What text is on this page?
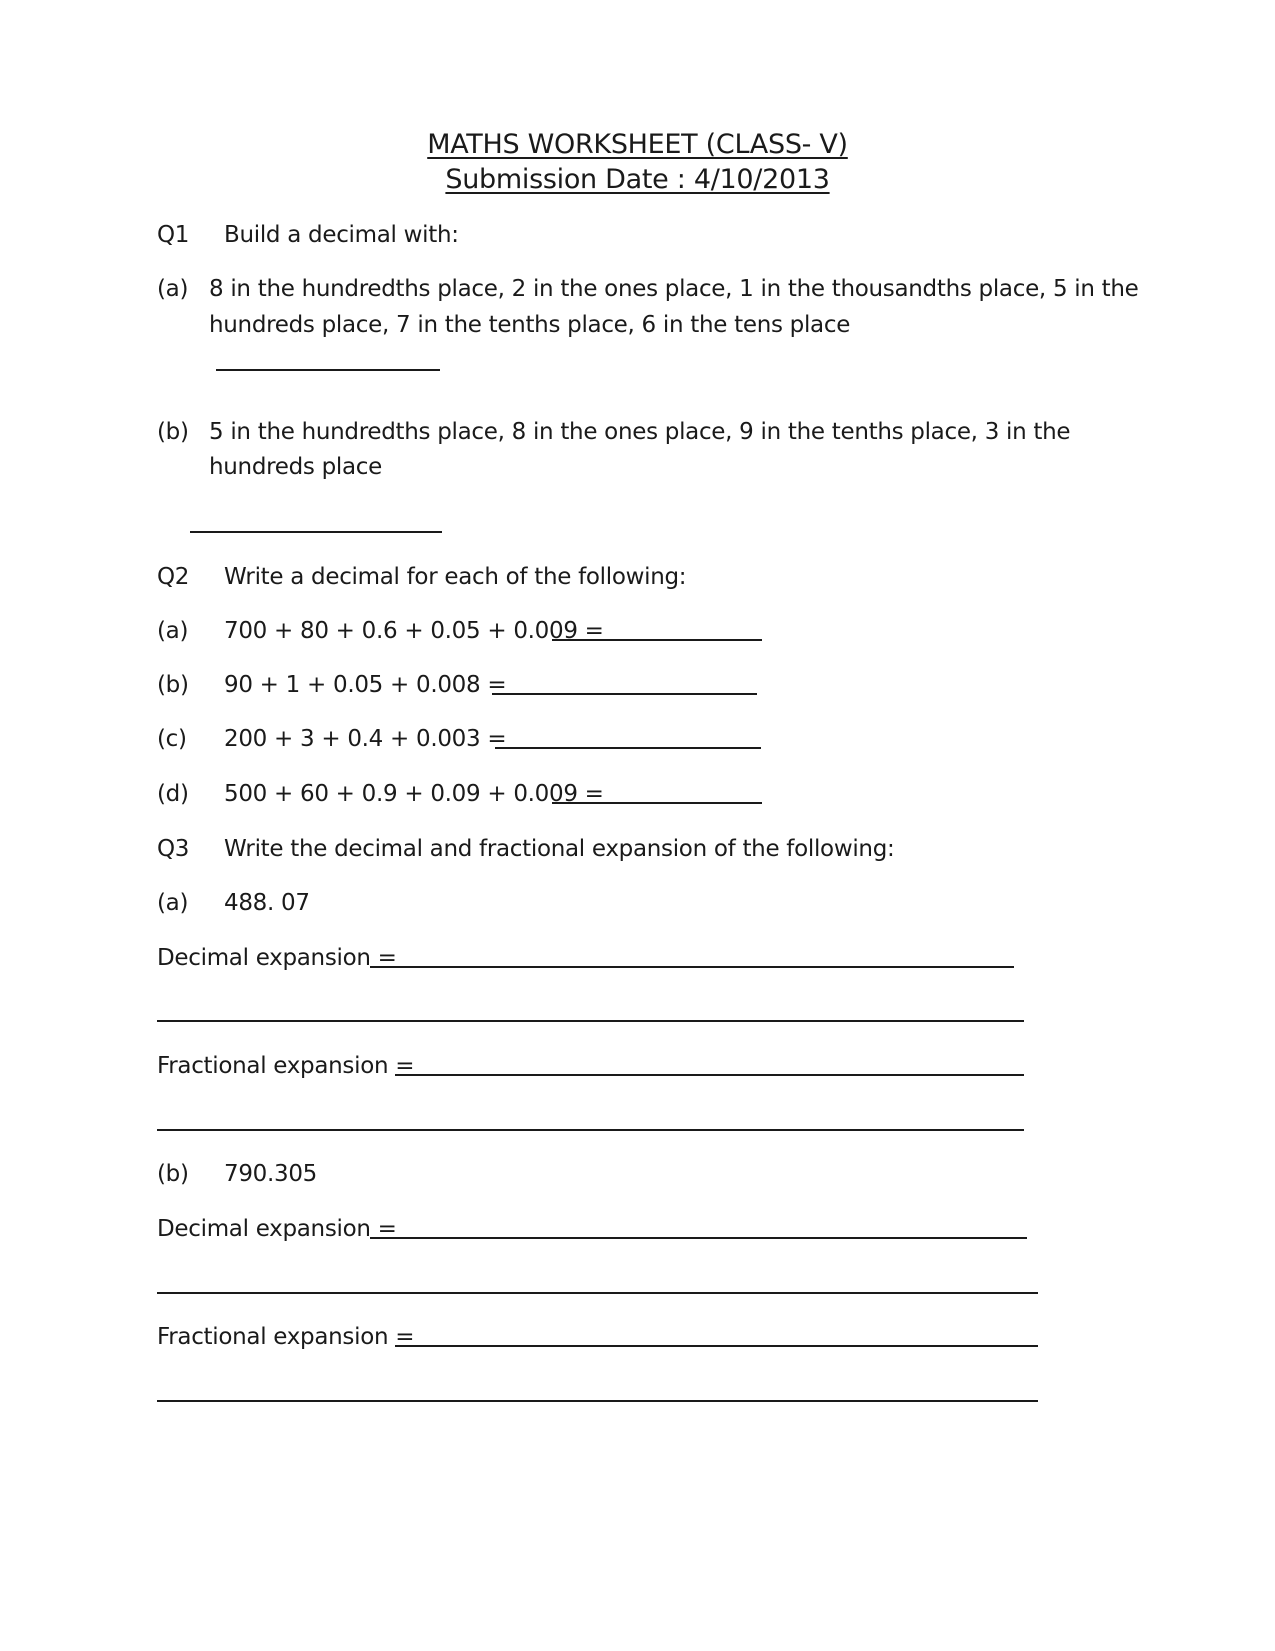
MATHS WORKSHEET (CLASS- V)
Submission Date : 4/10/2013
Q1 Build a decimal with:
(a) 8 in the hundredths place, 2 in the ones place, 1 in the thousandths place, 5 in the
hundreds place, 7 in the tenths place, 6 in the tens place
(b) 5 in the hundredths place, 8 in the ones place, 9 in the tenths place, 3 in the
hundreds place
Q2 Write a decimal for each of the following:
(a) 700 + 80 + 0.6 + 0.05 + 0.009 =
(b) 90 + 1 + 0.05 + 0.008 =
(c) 200 + 3 + 0.4 + 0.003 =
(d) 500 + 60 + 0.9 + 0.09 + 0.009 =
Q3 Write the decimal and fractional expansion of the following:
(a) 488. 07
Decimal expansion =
Fractional expansion =
(b) 790.305
Decimal expansion =
Fractional expansion =
